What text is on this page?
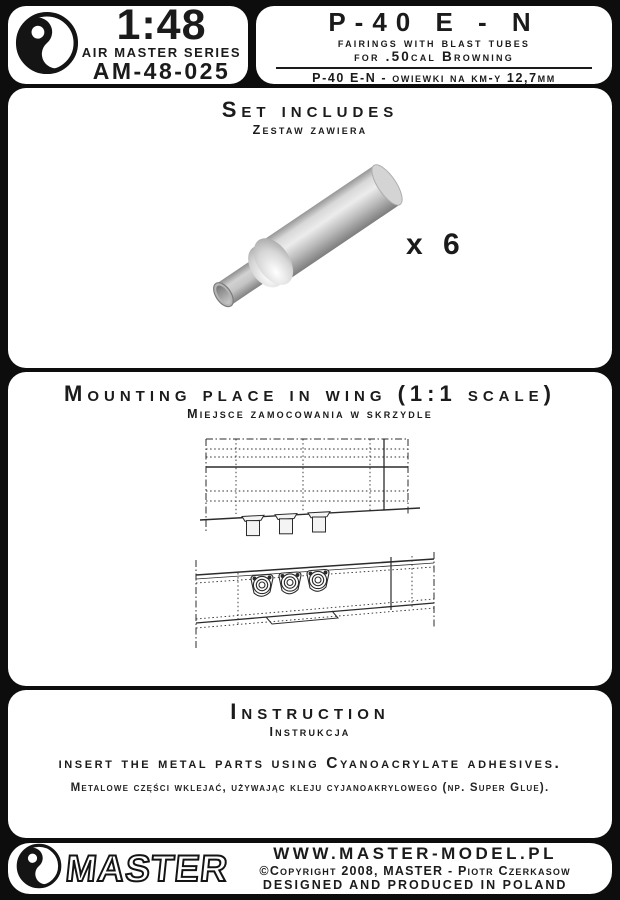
1:48
AIR MASTER SERIES
AM-48-025
P-40 E - N
fairings with blast tubes
for .50cal Browning
P-40 E-N - owiewki na km-y 12,7mm
Set includes
Zestaw zawiera
x 6
Mounting place in wing (1:1 scale)
Miejsce zamocowania w skrzydle
Instruction
Instrukcja
insert the metal parts using Cyanoacrylate adhesives.
Metalowe części wklejać, używając kleju cyjanoakrylowego (np. Super Glue).
MASTER	WWW.MASTER-MODEL.PL
©Copyright 2008, MASTER - Piotr Czerkasow
DESIGNED AND PRODUCED IN POLAND
